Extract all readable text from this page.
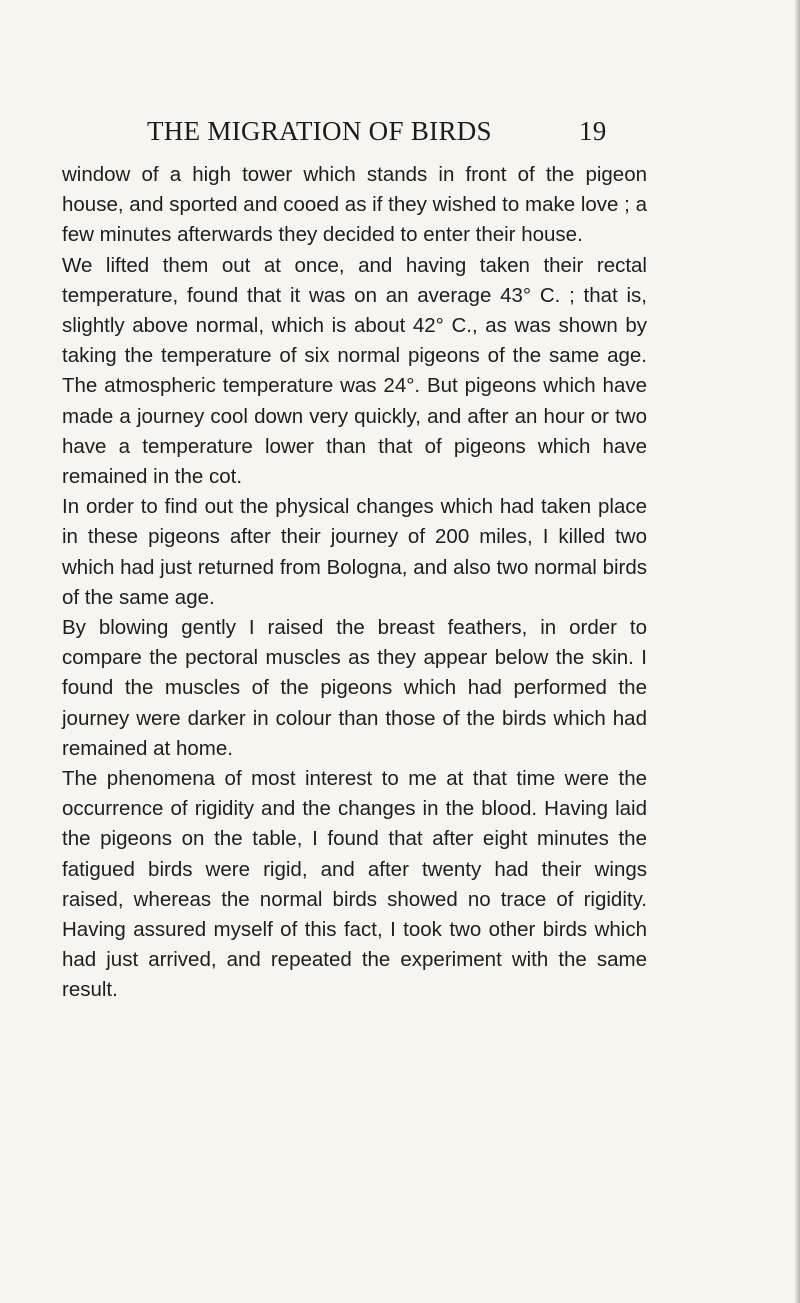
THE MIGRATION OF BIRDS	19

window of a high tower which stands in front of the pigeon house, and sported and cooed as if they wished to make love ; a few minutes afterwards they decided to enter their house.

We lifted them out at once, and having taken their rectal temperature, found that it was on an average 43° C. ; that is, slightly above normal, which is about 42° C., as was shown by taking the temperature of six normal pigeons of the same age. The atmospheric temperature was 24°. But pigeons which have made a journey cool down very quickly, and after an hour or two have a temperature lower than that of pigeons which have remained in the cot.

In order to find out the physical changes which had taken place in these pigeons after their journey of 200 miles, I killed two which had just returned from Bologna, and also two normal birds of the same age.

By blowing gently I raised the breast feathers, in order to compare the pectoral muscles as they appear below the skin. I found the muscles of the pigeons which had performed the journey were darker in colour than those of the birds which had remained at home.

The phenomena of most interest to me at that time were the occurrence of rigidity and the changes in the blood. Having laid the pigeons on the table, I found that after eight minutes the fatigued birds were rigid, and after twenty had their wings raised, whereas the normal birds showed no trace of rigidity. Having assured myself of this fact, I took two other birds which had just arrived, and repeated the experiment with the same result.
